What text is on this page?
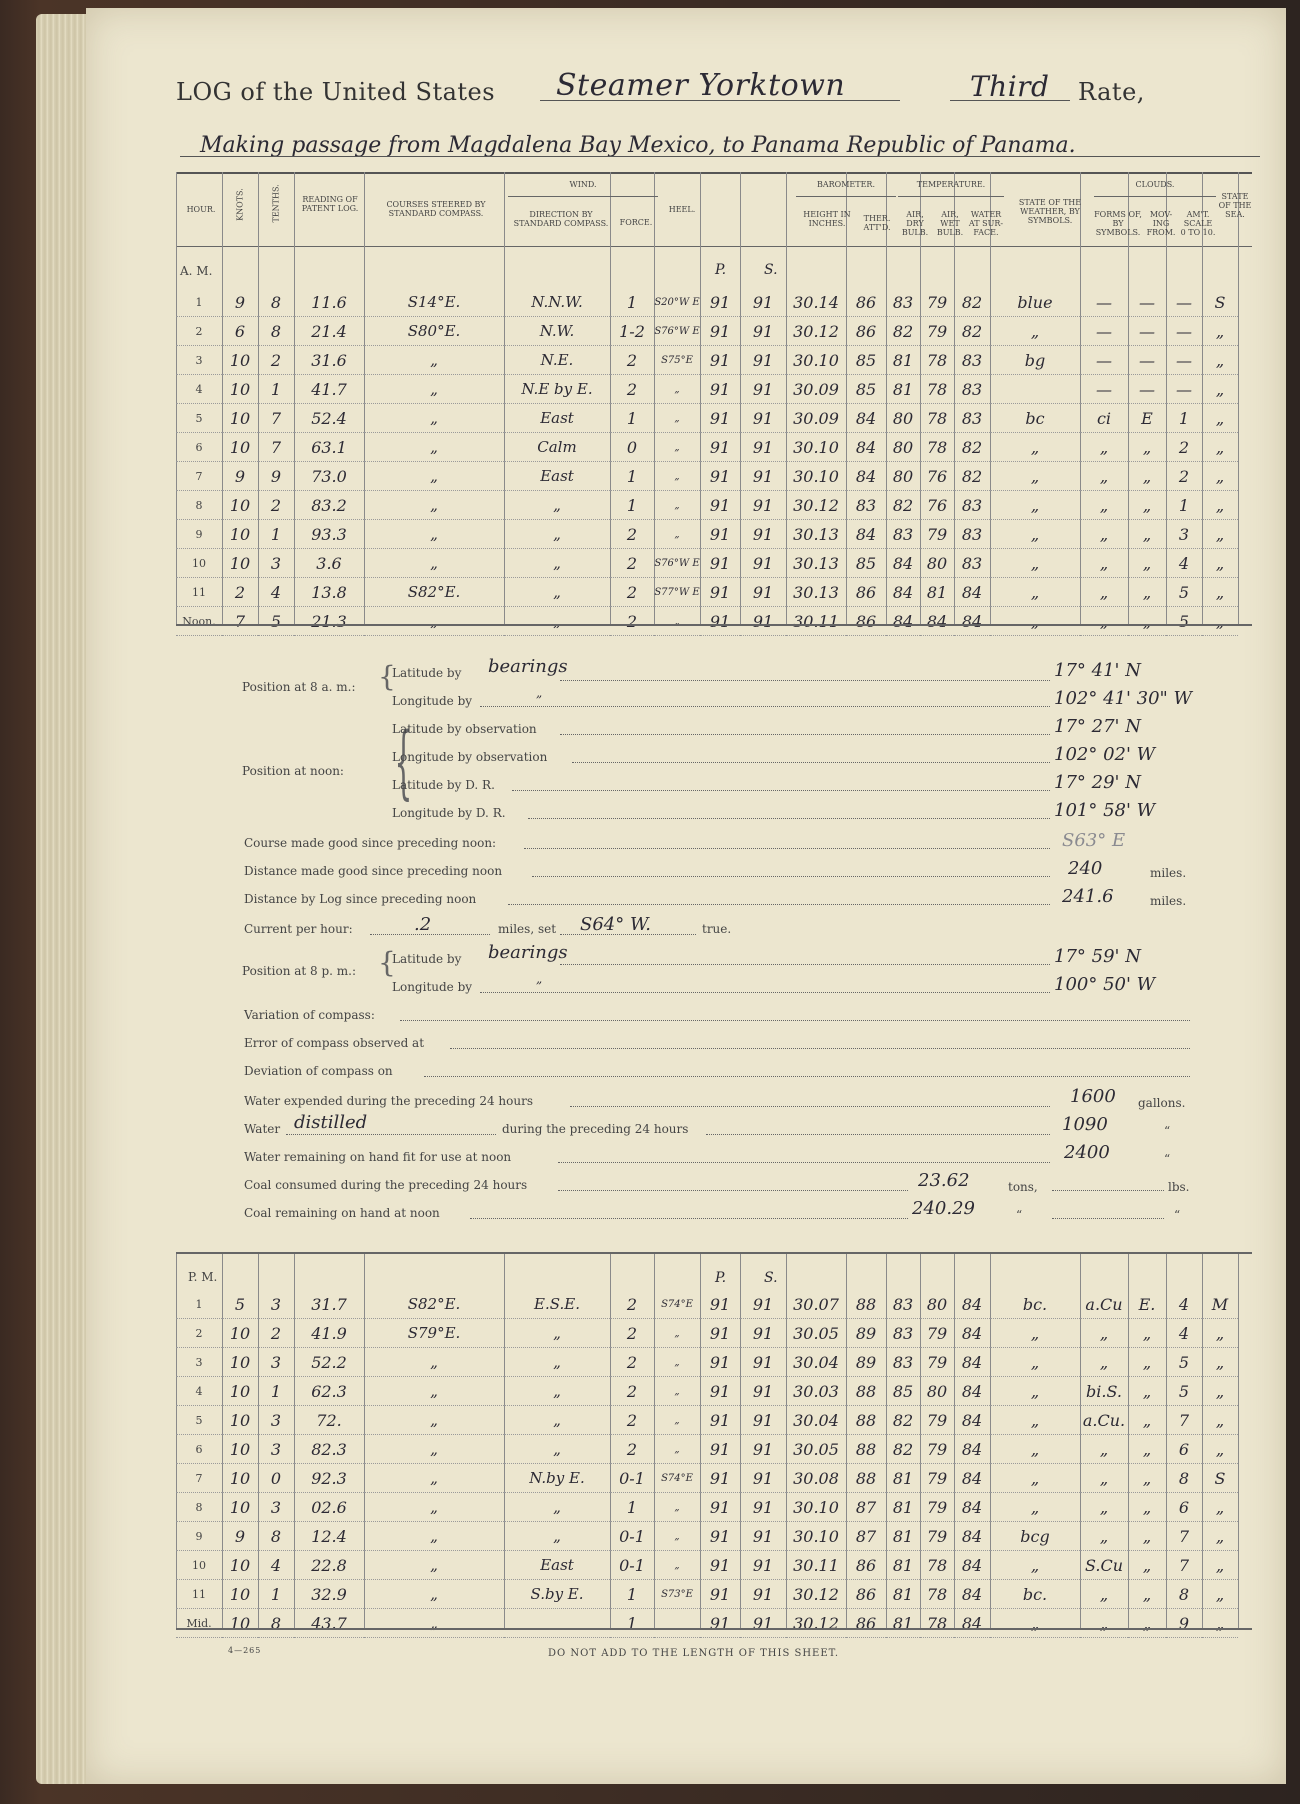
LOG of the United States Steamer Yorktown	Third Rate,
Making passage from Magdalena Bay Mexico, to Panama Republic of Panama.
HOUR.	KNOTS.	TENTHS.	READING OF PATENT LOG.	COURSES STEERED BY STANDARD COMPASS.
WIND.
DIRECTION BY STANDARD COMPASS.	FORCE.
HEEL.
BAROMETER.
HEIGHT IN INCHES.
THER. ATT'D.
TEMPERATURE.
AIR, DRY BULB.
AIR, WET BULB.
WATER AT SUR-FACE.
STATE OF THE WEATHER, BY SYMBOLS.
CLOUDS.
FORMS OF, BY SYMBOLS.
MOV-ING FROM.
AM'T. SCALE 0 TO 10.
STATE OF THE SEA.
A. M.	P.	S.
1	9	8	11.6	S14°E.	N.N.W.	1	S20°W E	91	91	30.14	86	83	79	82	blue	—	—	—	S
2	6	8	21.4	S80°E.	N.W.	1-2	S76°W E	91	91	30.12	86	82	79	82	„	—	—	—	„
3	10	2	31.6	„	N.E.	2	S75°E	91	91	30.10	85	81	78	83	bg	—	—	—	„
4	10	1	41.7	„	N.E by E.	2	„	91	91	30.09	85	81	78	83		—	—	—	„
5	10	7	52.4	„	East	1	„	91	91	30.09	84	80	78	83	bc	ci	E	1	„
6	10	7	63.1	„	Calm	0	„	91	91	30.10	84	80	78	82	„	„	„	2	„
7	9	9	73.0	„	East	1	„	91	91	30.10	84	80	76	82	„	„	„	2	„
8	10	2	83.2	„	„	1	„	91	91	30.12	83	82	76	83	„	„	„	1	„
9	10	1	93.3	„	„	2	„	91	91	30.13	84	83	79	83	„	„	„	3	„
10	10	3	3.6	„	„	2	S76°W E	91	91	30.13	85	84	80	83	„	„	„	4	„
11	2	4	13.8	S82°E.	„	2	S77°W E	91	91	30.13	86	84	81	84	„	„	„	5	„
Noon.	7	5	21.3	„	„	2	„	91	91	30.11	86	84	84	84	„	„	„	5	„
Position at 8 a. m.: {
Latitude by bearings	17° 41' N
Longitude by
„	102° 41' 30" W
Position at noon: {
Latitude by observation	17° 27' N
Longitude by observation	102° 02' W
Latitude by D. R.	17° 29' N
Longitude by D. R.	101° 58' W
Course made good since preceding noon:	S63° E
Distance made good since preceding noon	240	miles.
Distance by Log since preceding noon	241.6	miles.
Current per hour:	.2	miles, set S64° W.	true.
Position at 8 p. m.: {
Latitude by bearings	17° 59' N
Longitude by
„	100° 50' W
Variation of compass:
Error of compass observed at
Deviation of compass on
Water expended during the preceding 24 hours	1600 gallons.
Water distilled	during the preceding 24 hours	1090	“
Water remaining on hand fit for use at noon	2400	“
Coal consumed during the preceding 24 hours	23.62	tons,	lbs.
Coal remaining on hand at noon	240.29	“	“
P. M.	P.	S.
1	5	3	31.7	S82°E.	E.S.E.	2	S74°E	91	91	30.07	88	83	80	84	bc.	a.Cu	E.	4	M
2	10	2	41.9	S79°E.	„	2	„	91	91	30.05	89	83	79	84	„	„	„	4	„
3	10	3	52.2	„	„	2	„	91	91	30.04	89	83	79	84	„	„	„	5	„
4	10	1	62.3	„	„	2	„	91	91	30.03	88	85	80	84	„	bi.S.	„	5	„
5	10	3	72.	„	„	2	„	91	91	30.04	88	82	79	84	„	a.Cu.	„	7	„
6	10	3	82.3	„	„	2	„	91	91	30.05	88	82	79	84	„	„	„	6	„
7	10	0	92.3	„	N.by E.	0-1	S74°E	91	91	30.08	88	81	79	84	„	„	„	8	S
8	10	3	02.6	„	„	1	„	91	91	30.10	87	81	79	84	„	„	„	6	„
9	9	8	12.4	„	„	0-1	„	91	91	30.10	87	81	79	84	bcg	„	„	7	„
10	10	4	22.8	„	East	0-1	„	91	91	30.11	86	81	78	84	„	S.Cu	„	7	„
11	10	1	32.9	„	S.by E.	1	S73°E	91	91	30.12	86	81	78	84	bc.	„	„	8	„
Mid.	10	8	43.7	„		1		91	91	30.12	86	81	78	84	„	„	„	9	„
4—265	DO NOT ADD TO THE LENGTH OF THIS SHEET.
